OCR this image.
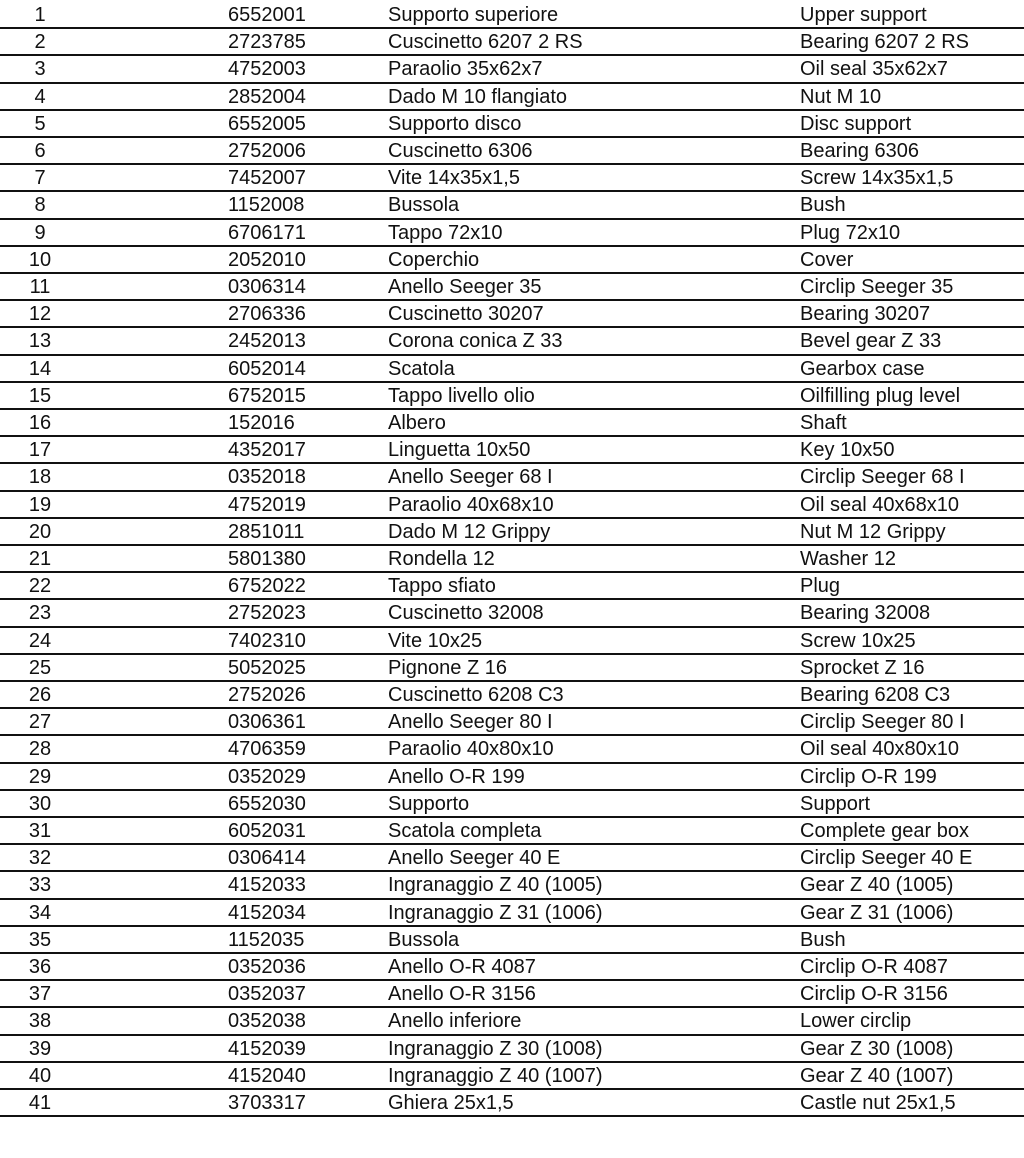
1	6552001	Supporto superiore	Upper support
2	2723785	Cuscinetto 6207 2 RS	Bearing 6207 2 RS
3	4752003	Paraolio 35x62x7	Oil seal 35x62x7
4	2852004	Dado M 10 flangiato	Nut M 10
5	6552005	Supporto disco	Disc support
6	2752006	Cuscinetto 6306	Bearing 6306
7	7452007	Vite 14x35x1,5	Screw 14x35x1,5
8	1152008	Bussola	Bush
9	6706171	Tappo 72x10	Plug 72x10
10	2052010	Coperchio	Cover
11	0306314	Anello Seeger 35	Circlip Seeger 35
12	2706336	Cuscinetto 30207	Bearing 30207
13	2452013	Corona conica Z 33	Bevel gear Z 33
14	6052014	Scatola	Gearbox case
15	6752015	Tappo livello olio	Oilfilling plug level
16	152016	Albero	Shaft
17	4352017	Linguetta 10x50	Key 10x50
18	0352018	Anello Seeger 68 I	Circlip Seeger 68 I
19	4752019	Paraolio 40x68x10	Oil seal 40x68x10
20	2851011	Dado M 12 Grippy	Nut M 12 Grippy
21	5801380	Rondella 12	Washer 12
22	6752022	Tappo sfiato	Plug
23	2752023	Cuscinetto 32008	Bearing 32008
24	7402310	Vite 10x25	Screw 10x25
25	5052025	Pignone Z 16	Sprocket Z 16
26	2752026	Cuscinetto 6208 C3	Bearing 6208 C3
27	0306361	Anello Seeger 80 I	Circlip Seeger 80 I
28	4706359	Paraolio 40x80x10	Oil seal 40x80x10
29	0352029	Anello O-R 199	Circlip O-R 199
30	6552030	Supporto	Support
31	6052031	Scatola completa	Complete gear box
32	0306414	Anello Seeger 40 E	Circlip Seeger 40 E
33	4152033	Ingranaggio Z 40 (1005)	Gear Z 40 (1005)
34	4152034	Ingranaggio Z 31 (1006)	Gear Z 31 (1006)
35	1152035	Bussola	Bush
36	0352036	Anello O-R 4087	Circlip O-R 4087
37	0352037	Anello O-R 3156	Circlip O-R 3156
38	0352038	Anello inferiore	Lower circlip
39	4152039	Ingranaggio Z 30 (1008)	Gear Z 30 (1008)
40	4152040	Ingranaggio Z 40 (1007)	Gear Z 40 (1007)
41	3703317	Ghiera 25x1,5	Castle nut 25x1,5
